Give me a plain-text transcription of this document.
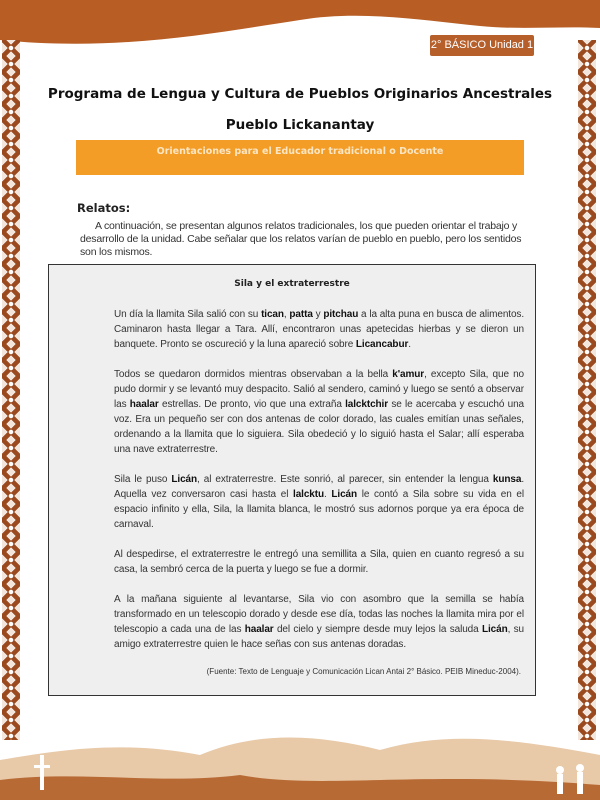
2° BÁSICO Unidad 1
Programa de Lengua y Cultura de Pueblos Originarios Ancestrales
Pueblo Lickanantay
Orientaciones para el Educador tradicional o Docente
Relatos:
A continuación, se presentan algunos relatos tradicionales, los que pueden orientar el trabajo y desarrollo de la unidad. Cabe señalar que los relatos varían de pueblo en pueblo, pero los sentidos son los mismos.
Sila y el extraterrestre

Un día la llamita Sila salió con su tican, patta y pitchau a la alta puna en busca de alimentos. Caminaron hasta llegar a Tara. Allí, encontraron unas apetecidas hierbas y se dieron un banquete. Pronto se oscureció y la luna apareció sobre Licancabur.

Todos se quedaron dormidos mientras observaban a la bella k'amur, excepto Sila, que no pudo dormir y se levantó muy despacito. Salió al sendero, caminó y luego se sentó a observar las haalar estrellas. De pronto, vio que una extraña lalcktchir se le acercaba y escuchó una voz. Era un pequeño ser con dos antenas de color dorado, las cuales emitían unas señales, ordenando a la llamita que lo siguiera. Sila obedeció y lo siguió hasta el Salar; allí esperaba una nave extraterrestre.

Sila le puso Licán, al extraterrestre. Este sonrió, al parecer, sin entender la lengua kunsa. Aquella vez conversaron casi hasta el lalcktu. Licán le contó a Sila sobre su vida en el espacio infinito y ella, Sila, la llamita blanca, le mostró sus adornos porque ya era época de carnaval.

Al despedirse, el extraterrestre le entregó una semillita a Sila, quien en cuanto regresó a su casa, la sembró cerca de la puerta y luego se fue a dormir.

A la mañana siguiente al levantarse, Sila vio con asombro que la semilla se había transformado en un telescopio dorado y desde ese día, todas las noches la llamita mira por el telescopio a cada una de las haalar del cielo y siempre desde muy lejos la saluda Licán, su amigo extraterrestre quien le hace señas con sus antenas doradas.

(Fuente: Texto de Lenguaje y Comunicación Lican Antai 2° Básico. PEIB Mineduc-2004).
